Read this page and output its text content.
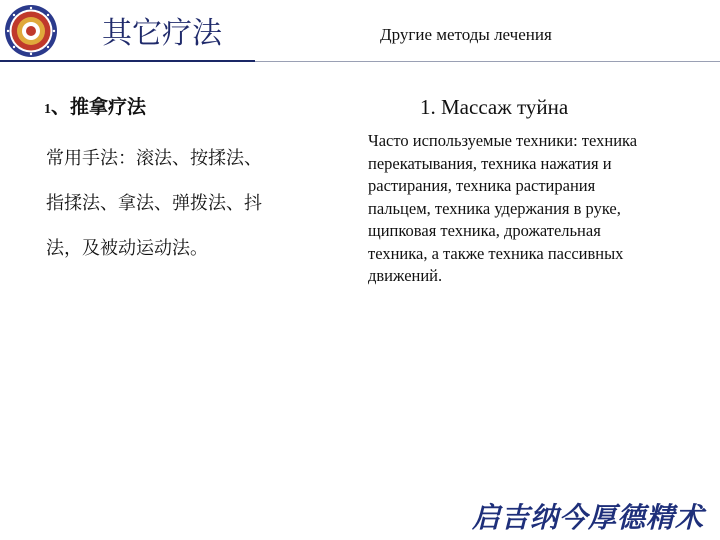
其它疗法	Другие методы лечения
1、推拿疗法
常用手法：滚法、按揉法、
指揉法、拿法、弹拨法、抖
法，及被动运动法。
1. Массаж туйна
Часто используемые техники: техника
перекатывания, техника нажатия и
растирания, техника растирания
пальцем, техника удержания в руке,
щипковая техника, дрожательная
техника, а также техника пассивных
движений.
启吉纳今厚德精术
